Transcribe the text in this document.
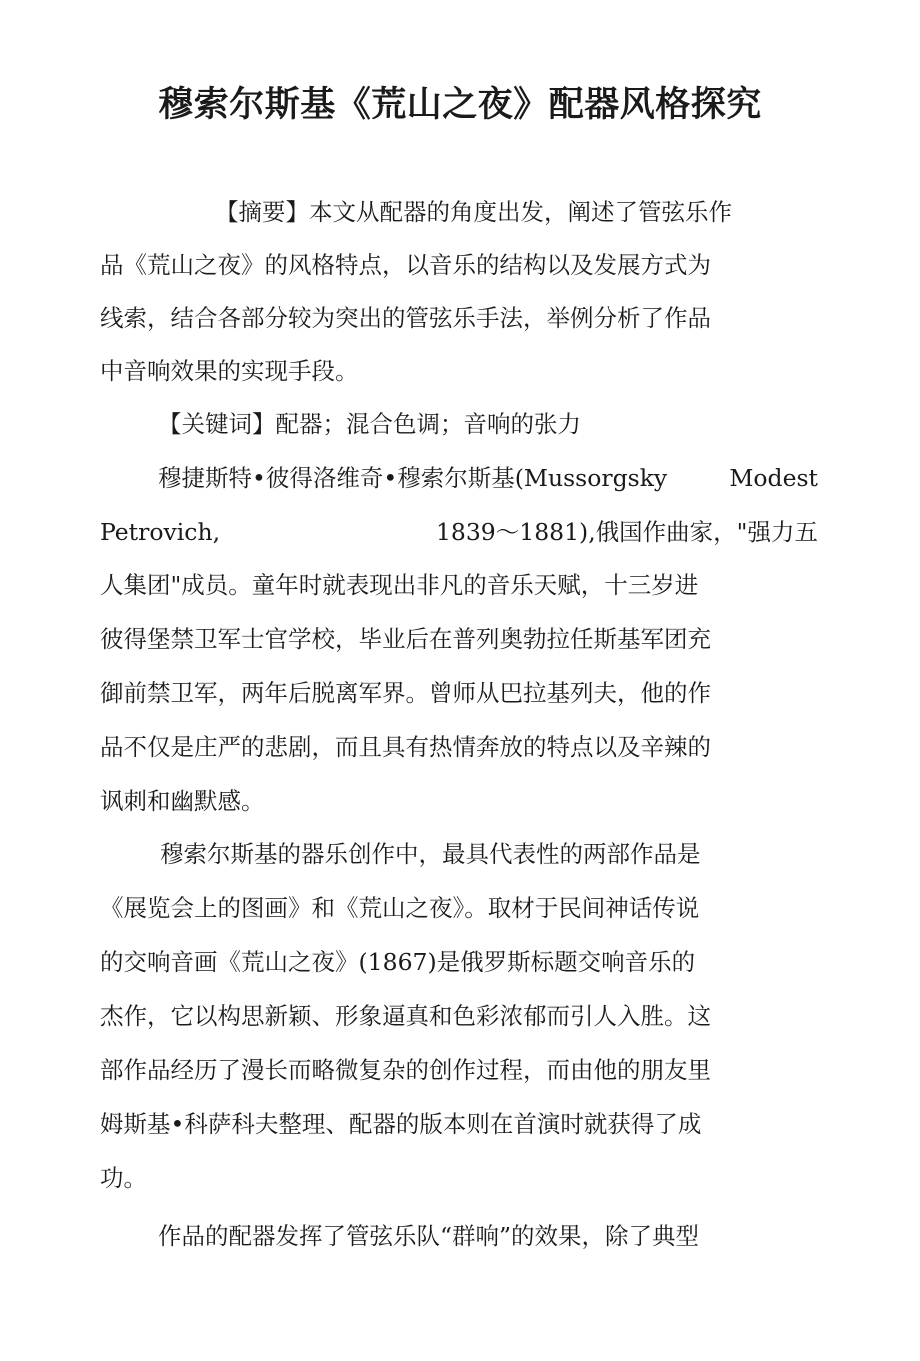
穆索尔斯基《荒山之夜》配器风格探究

【摘要】本文从配器的角度出发，阐述了管弦乐作

品《荒山之夜》的风格特点，以音乐的结构以及发展方式为

线索，结合各部分较为突出的管弦乐手法，举例分析了作品

中音响效果的实现手段。

【关键词】配器；混合色调；音响的张力

穆捷斯特•彼得洛维奇•穆索尔斯基(Mussorgsky	Modest
Petrovich,	1839～1881),俄国作曲家，"强力五

人集团"成员。童年时就表现出非凡的音乐天赋，十三岁进

彼得堡禁卫军士官学校，毕业后在普列奥勃拉任斯基军团充

御前禁卫军，两年后脱离军界。曾师从巴拉基列夫，他的作

品不仅是庄严的悲剧，而且具有热情奔放的特点以及辛辣的

讽刺和幽默感。

穆索尔斯基的器乐创作中，最具代表性的两部作品是

《展览会上的图画》和《荒山之夜》。取材于民间神话传说

的交响音画《荒山之夜》(1867)是俄罗斯标题交响音乐的

杰作，它以构思新颖、形象逼真和色彩浓郁而引人入胜。这

部作品经历了漫长而略微复杂的创作过程，而由他的朋友里

姆斯基•科萨科夫整理、配器的版本则在首演时就获得了成

功。

作品的配器发挥了管弦乐队“群响”的效果，除了典型
